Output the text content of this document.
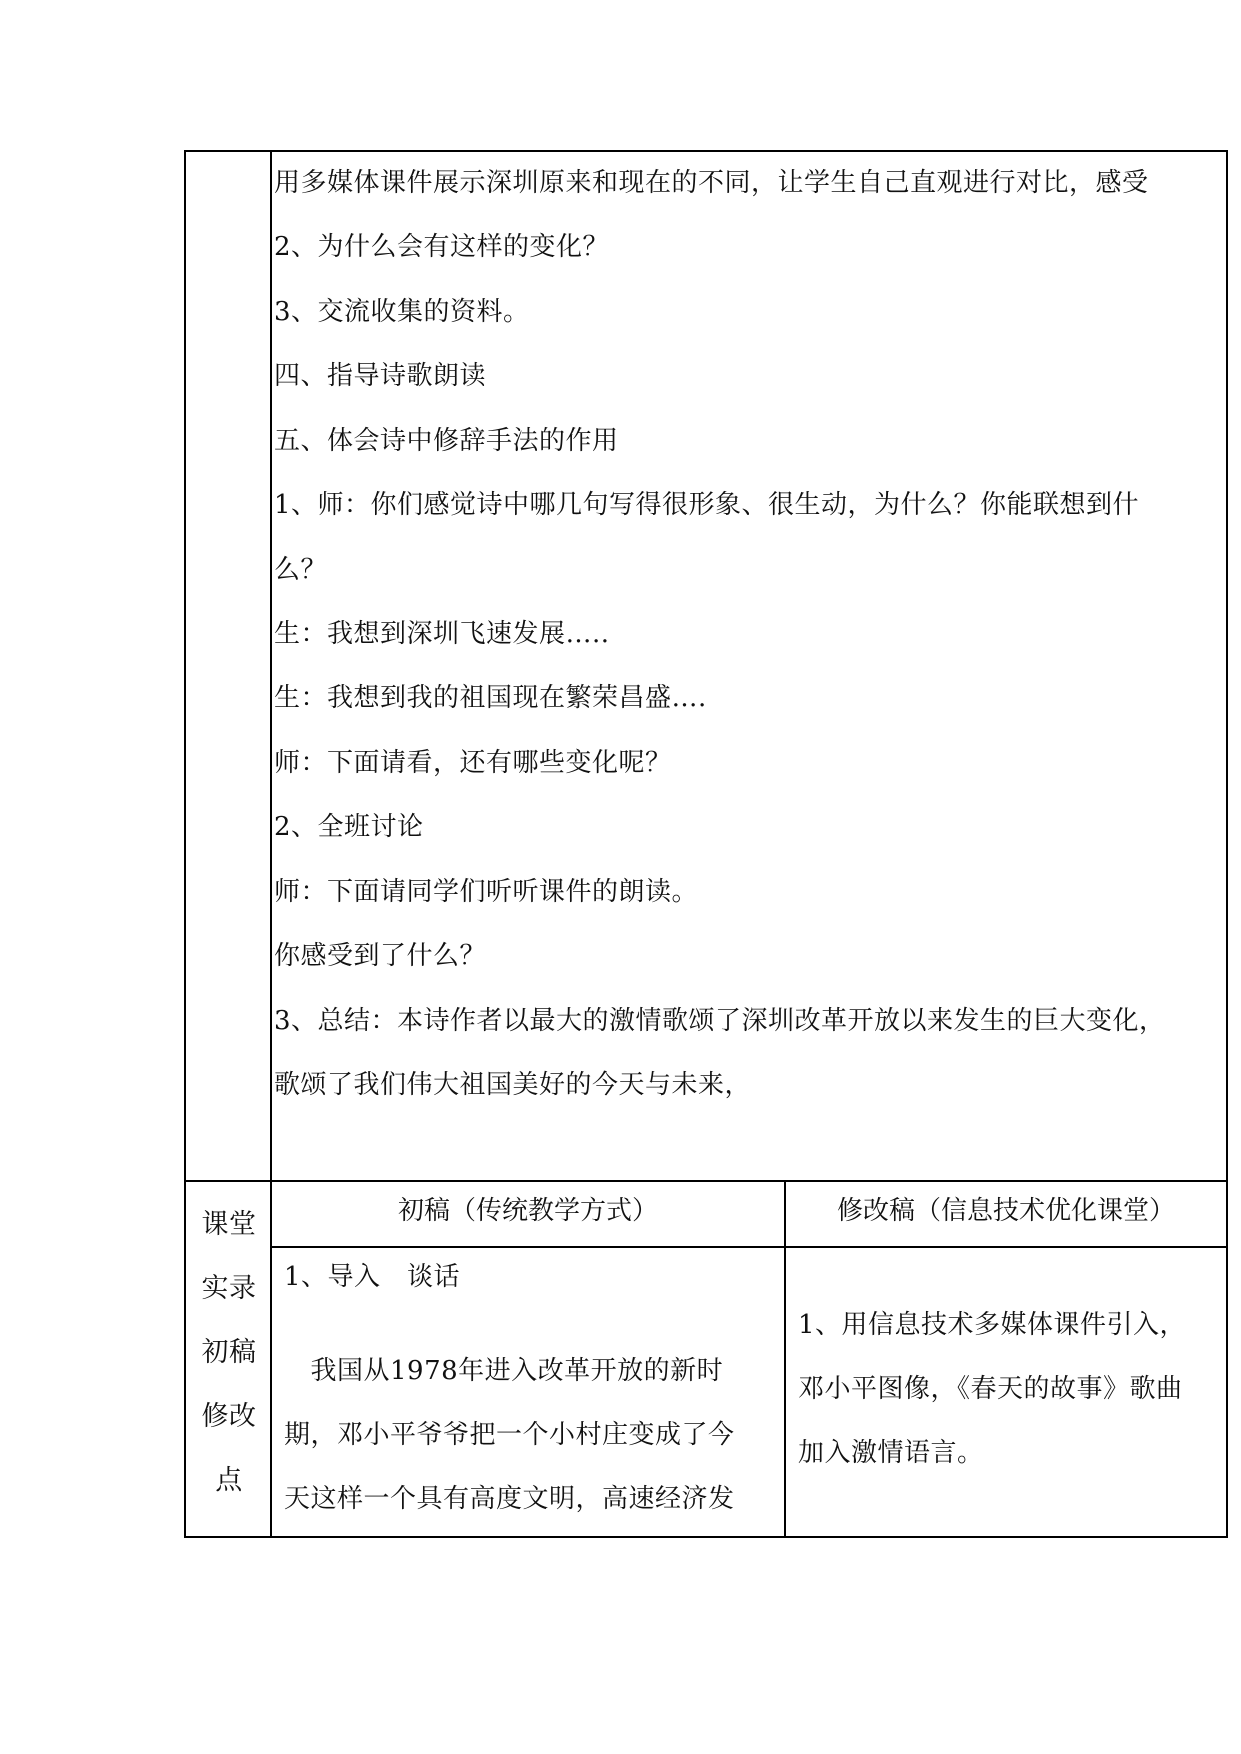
用多媒体课件展示深圳原来和现在的不同，让学生自己直观进行对比，感受
2、为什么会有这样的变化？
3、交流收集的资料。
四、指导诗歌朗读
五、体会诗中修辞手法的作用
1、师：你们感觉诗中哪几句写得很形象、很生动，为什么？你能联想到什
么？
生：我想到深圳飞速发展…..
生：我想到我的祖国现在繁荣昌盛….
师：下面请看，还有哪些变化呢？
2、全班讨论
师：下面请同学们听听课件的朗读。
你感受到了什么？
3、总结：本诗作者以最大的激情歌颂了深圳改革开放以来发生的巨大变化，
歌颂了我们伟大祖国美好的今天与未来，
课堂
实录
初稿
修改
点
初稿（传统教学方式）	修改稿（信息技术优化课堂）
1、导入　谈话
　我国从1978年进入改革开放的新时
期，邓小平爷爷把一个小村庄变成了今
天这样一个具有高度文明，高速经济发
1、用信息技术多媒体课件引入，
邓小平图像，《春天的故事》歌曲
加入激情语言。
